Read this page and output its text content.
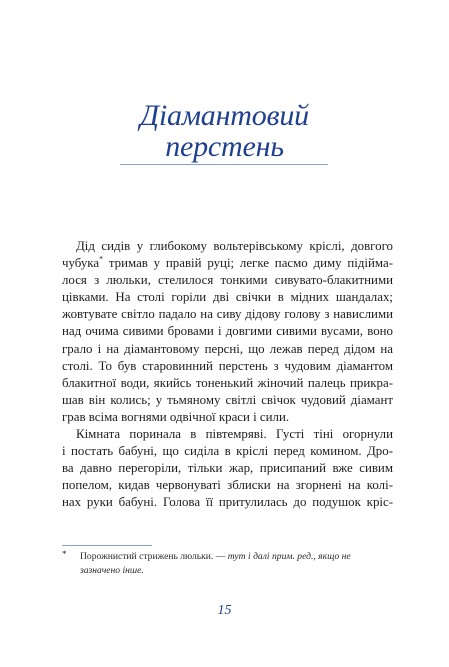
Діамантовий
перстень
Дід сидів у глибокому вольтерівському кріслі, довгого
чубука* тримав у правій руці; легке пасмо диму підійма-
лося з люльки, стелилося тонкими сивувато-блакитними
цівками. На столі горіли дві свічки в мідних шандалах;
жовтувате світло падало на сиву дідову голову з навислими
над очима сивими бровами і довгими сивими вусами, воно
грало і на діамантовому персні, що лежав перед дідом на
столі. То був старовинний перстень з чудовим діамантом
блакитної води, якийсь тоненький жіночий палець прикра-
шав він колись; у тьмяному світлі свічок чудовий діамант
грав всіма вогнями одвічної краси і сили.
Кімната поринала в півтемряві. Густі тіні огорнули
і постать бабуні, що сиділа в кріслі перед комином. Дро-
ва давно перегоріли, тільки жар, присипаний вже сивим
попелом, кидав червонуваті зблиски на згорнені на колі-
нах руки бабуні. Голова її притулилась до подушок кріс-
*	Порожнистий стрижень люльки. — тут і далі прим. ред., якщо не
зазначено інше.
15
